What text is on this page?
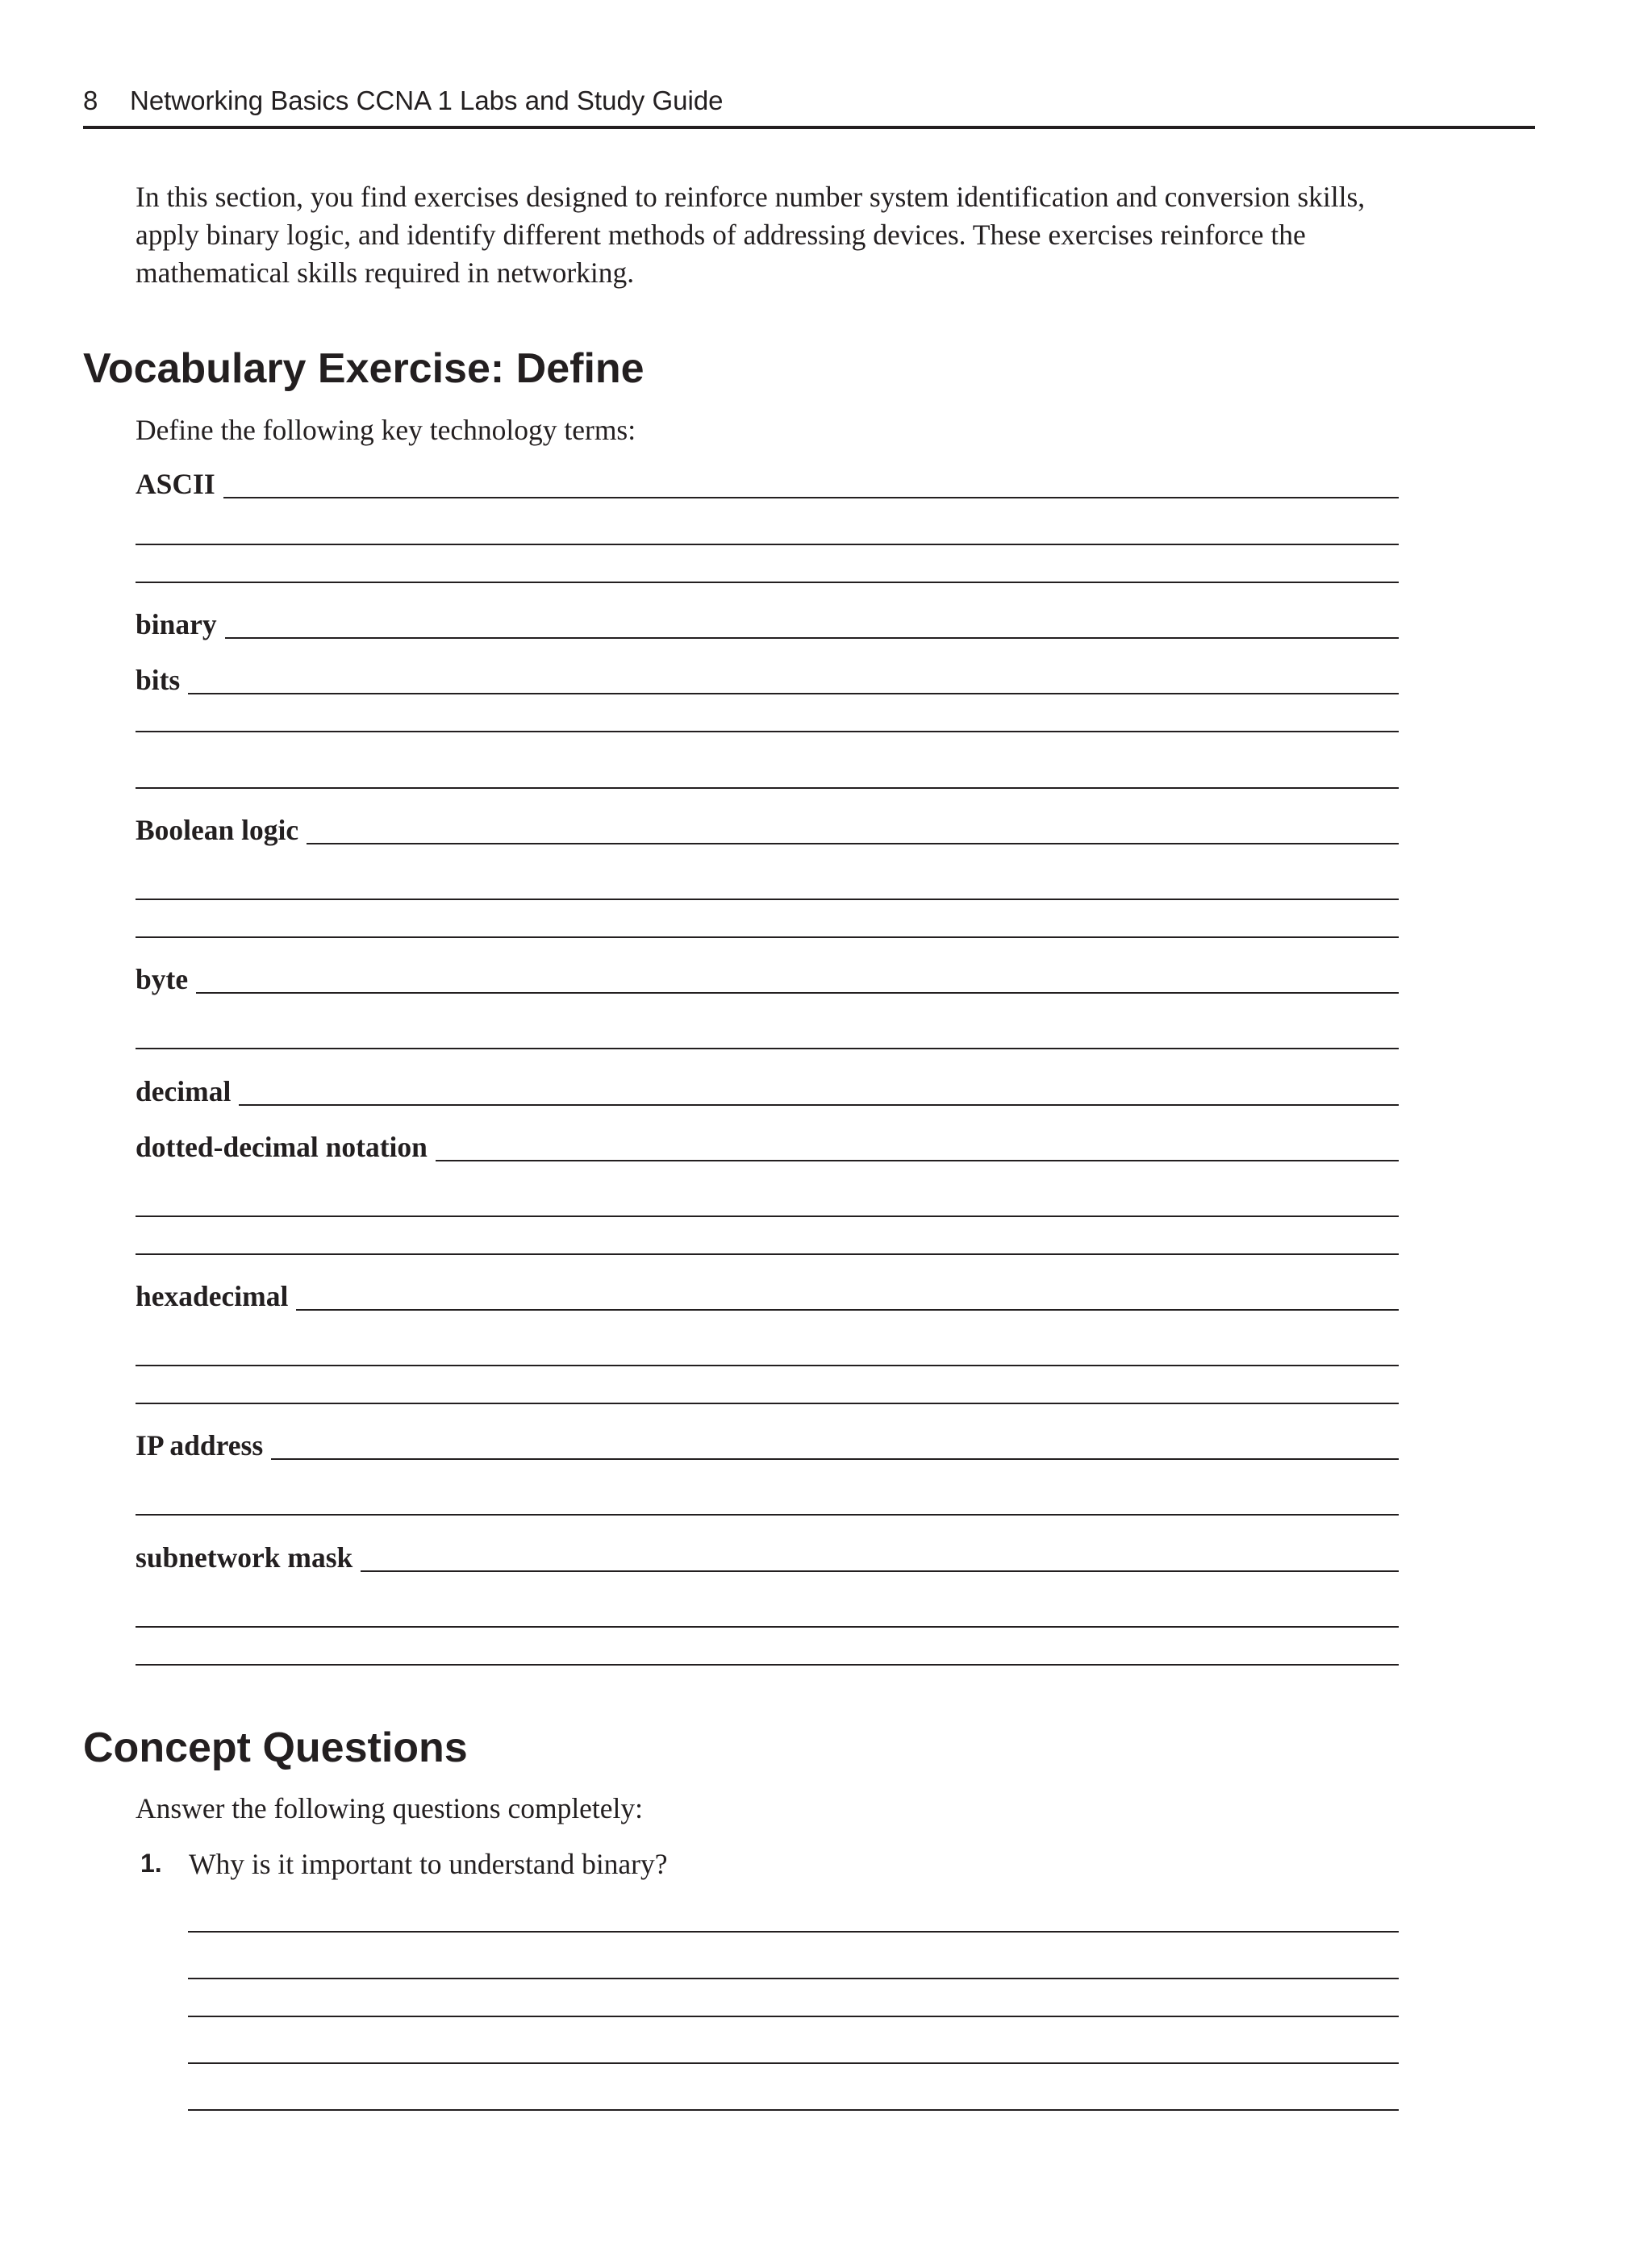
8 Networking Basics CCNA 1 Labs and Study Guide
In this section, you find exercises designed to reinforce number system identification and conversion skills, apply binary logic, and identify different methods of addressing devices. These exercises reinforce the mathematical skills required in networking.
Vocabulary Exercise: Define
Define the following key technology terms:
ASCII
binary
bits
Boolean logic
byte
decimal
dotted-decimal notation
hexadecimal
IP address
subnetwork mask
Concept Questions
Answer the following questions completely:
1. Why is it important to understand binary?
